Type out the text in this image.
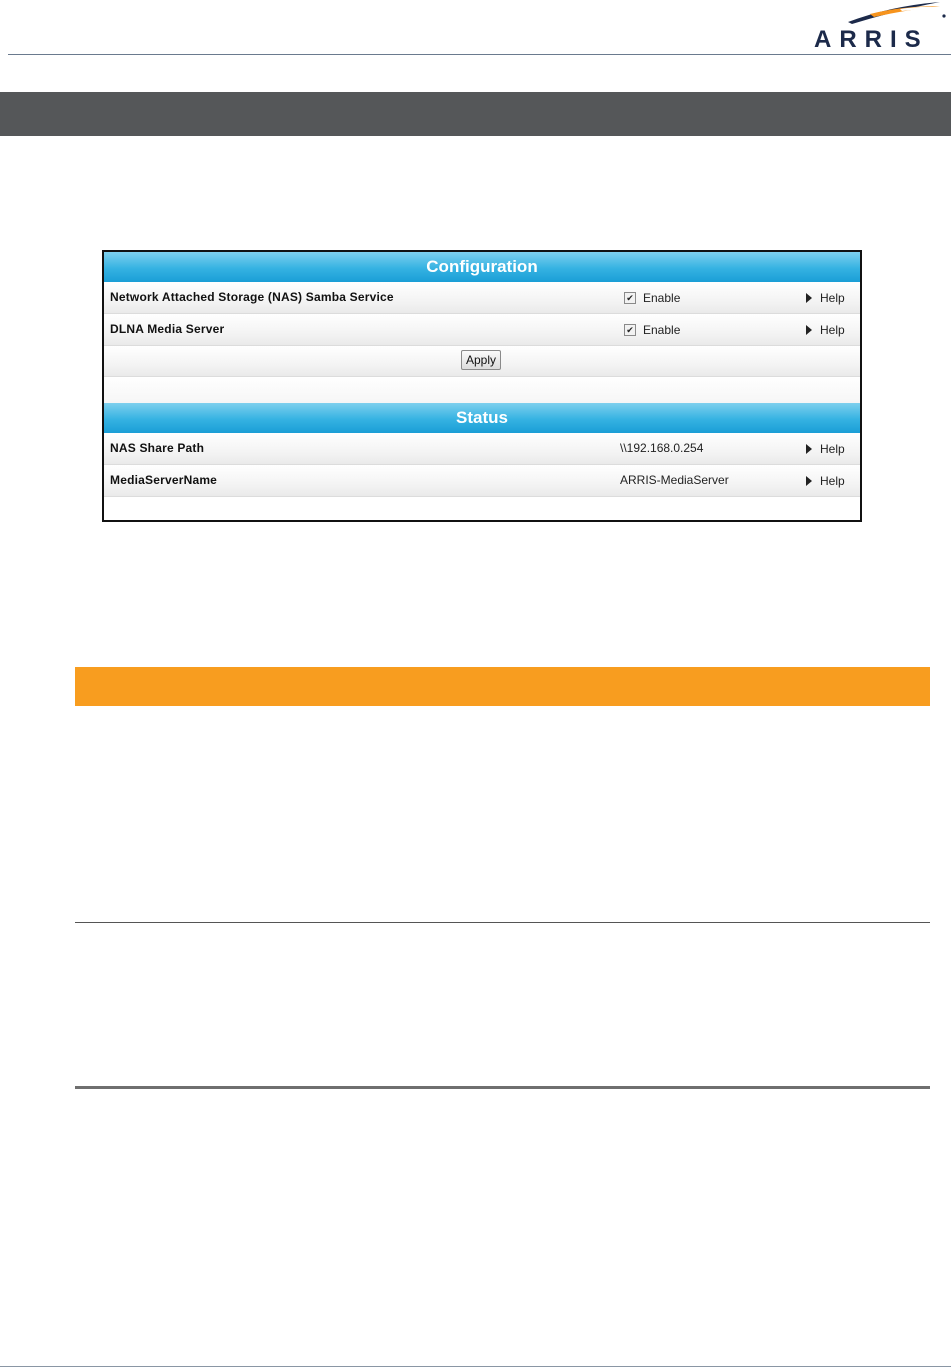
ARRIS
Configuration
Network Attached Storage (NAS) Samba Service	✔ Enable	Help
DLNA Media Server	✔ Enable	Help
Apply
Status
NAS Share Path	\\192.168.0.254	Help
MediaServerName	ARRIS-MediaServer	Help
